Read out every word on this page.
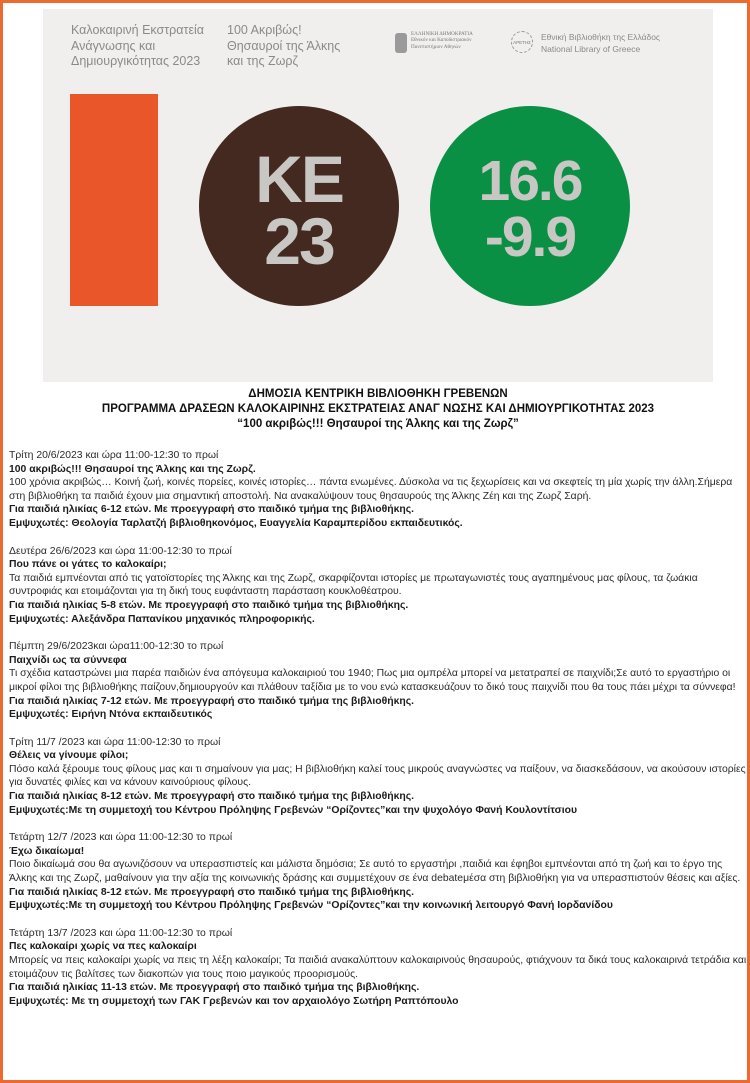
Καλοκαιρινή Εκστρατεία
Ανάγνωσης και
Δημιουργικότητας 2023
100 Ακριβώς!
Θησαυροί της Άλκης
και της Ζωρζ
ΕΛΛΗΝΙΚΗ ΔΗΜΟΚΡΑΤΙΑ
Εθνικόν και Καποδιστριακόν
Πανεπιστήμιον Αθηνών
ΑΡΕΤΗΣ
Εθνική Βιβλιοθήκη της Ελλάδος
National Library of Greece
ΚΕ
23
16.6
-9.9
ΔΗΜΟΣΙΑ ΚΕΝΤΡΙΚΗ ΒΙΒΛΙΟΘΗΚΗ ΓΡΕΒΕΝΩΝ
ΠΡΟΓΡΑΜΜΑ ΔΡΑΣΕΩΝ ΚΑΛΟΚΑΙΡΙΝΗΣ ΕΚΣΤΡΑΤΕΙΑΣ ΑΝΑΓ ΝΩΣΗΣ ΚΑΙ ΔΗΜΙΟΥΡΓΙΚΟΤΗΤΑΣ 2023
“100 ακριβώς!!! Θησαυροί της Άλκης και της Ζωρζ”
Τρίτη 20/6/2023 και ώρα 11:00-12:30 το πρωί
100 ακριβώς!!! Θησαυροί της Άλκης και της Ζωρζ.
100 χρόνια ακριβώς… Κοινή ζωή, κοινές πορείες, κοινές ιστορίες… πάντα ενωμένες. Δύσκολα να τις ξεχωρίσεις και να σκεφτείς τη μία χωρίς την άλλη.Σήμερα στη βιβλιοθήκη τα παιδιά έχουν μια σημαντική αποστολή. Να ανακαλύψουν τους θησαυρούς της Άλκης Ζέη και της Ζωρζ Σαρή.
Για παιδιά ηλικίας 6-12 ετών. Με προεγγραφή στο παιδικό τμήμα της βιβλιοθήκης.
Εμψυχωτές: Θεολογία Ταρλατζή βιβλιοθηκονόμος, Ευαγγελία Καραμπερίδου εκπαιδευτικός.
Δευτέρα 26/6/2023 και ώρα 11:00-12:30 το πρωί
Που πάνε οι γάτες το καλοκαίρι;
Τα παιδιά εμπνέονται από τις γατοϊστορίες της Άλκης και της Ζωρζ, σκαρφίζονται ιστορίες με πρωταγωνιστές τους αγαπημένους μας φίλους, τα ζωάκια συντροφιάς και ετοιμάζονται για τη δική τους ευφάνταστη παράσταση κουκλοθέατρου.
Για παιδιά ηλικίας 5-8 ετών. Με προεγγραφή στο παιδικό τμήμα της βιβλιοθήκης.
Εμψυχωτές: Αλεξάνδρα Παπανίκου μηχανικός πληροφορικής.
Πέμπτη 29/6/2023και ώρα11:00-12:30 το πρωί
Παιχνίδι ως τα σύννεφα
Τι σχέδια καταστρώνει μια παρέα παιδιών ένα απόγευμα καλοκαιριού του 1940; Πως μια ομπρέλα μπορεί να μετατραπεί σε παιχνίδι;Σε αυτό το εργαστήριο οι μικροί φίλοι της βιβλιοθήκης παίζουν,δημιουργούν και πλάθουν ταξίδια με το νου ενώ κατασκευάζουν το δικό τους παιχνίδι που θα τους πάει μέχρι τα σύννεφα!
Για παιδιά ηλικίας 7-12 ετών. Με προεγγραφή στο παιδικό τμήμα της βιβλιοθήκης.
Εμψυχωτές: Ειρήνη Ντόνα εκπαιδευτικός
Τρίτη 11/7 /2023 και ώρα 11:00-12:30 το πρωί
Θέλεις να γίνουμε φίλοι;
Πόσο καλά ξέρουμε τους φίλους μας και τι σημαίνουν για μας; Η βιβλιοθήκη καλεί τους μικρούς αναγνώστες να παίξουν, να διασκεδάσουν, να ακούσουν ιστορίες για δυνατές φιλίες και να κάνουν καινούριους φίλους.
Για παιδιά ηλικίας 8-12 ετών. Με προεγγραφή στο παιδικό τμήμα της βιβλιοθήκης.
Εμψυχωτές:Με τη συμμετοχή του Κέντρου Πρόληψης Γρεβενών “Ορίζοντες”και την ψυχολόγο Φανή Κουλοντίτσιου
Τετάρτη 12/7 /2023 και ώρα 11:00-12:30 το πρωί
Έχω δικαίωμα!
Ποιο δικαίωμά σου θα αγωνιζόσουν να υπερασπιστείς και μάλιστα δημόσια; Σε αυτό το εργαστήρι ,παιδιά και έφηβοι εμπνέονται από τη ζωή και το έργο της Άλκης και της Ζωρζ, μαθαίνουν για την αξία της κοινωνικής δράσης και συμμετέχουν σε ένα debateμέσα στη βιβλιοθήκη για να υπερασπιστούν θέσεις και αξίες.
Για παιδιά ηλικίας 8-12 ετών. Με προεγγραφή στο παιδικό τμήμα της βιβλιοθήκης.
Εμψυχωτές:Με τη συμμετοχή του Κέντρου Πρόληψης Γρεβενών “Ορίζοντες”και την κοινωνική λειτουργό Φανή Ιορδανίδου
Τετάρτη 13/7 /2023 και ώρα 11:00-12:30 το πρωί
Πες καλοκαίρι χωρίς να πες καλοκαίρι
Μπορείς να πεις καλοκαίρι χωρίς να πεις τη λέξη καλοκαίρι; Τα παιδιά ανακαλύπτουν καλοκαιρινούς θησαυρούς, φτιάχνουν τα δικά τους καλοκαιρινά τετράδια και ετοιμάζουν τις βαλίτσες των διακοπών για τους ποιο μαγικούς προορισμούς.
Για παιδιά ηλικίας 11-13 ετών. Με προεγγραφή στο παιδικό τμήμα της βιβλιοθήκης.
Εμψυχωτές: Με τη συμμετοχή των ΓΑΚ Γρεβενών και τον αρχαιολόγο Σωτήρη Ραπτόπουλο
